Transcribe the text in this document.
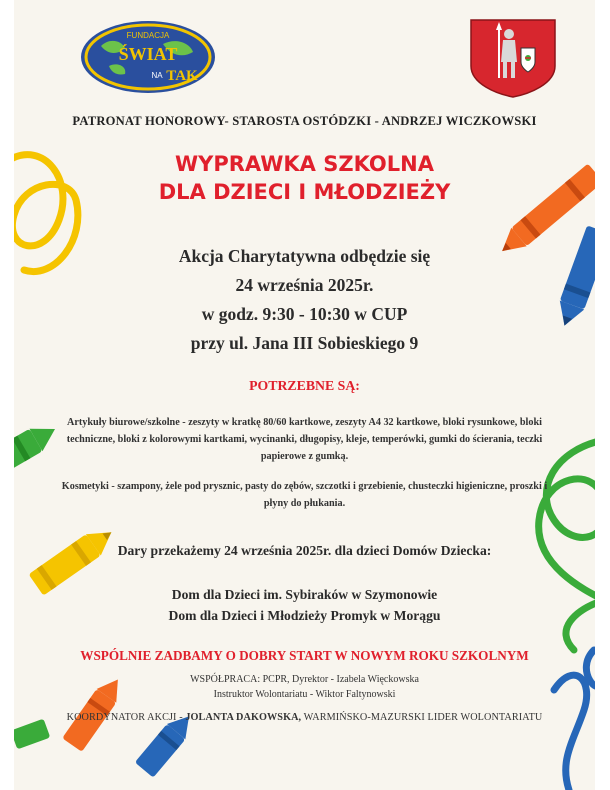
FUNDACJA
ŚWIAT
NA TAK
PATRONAT HONOROWY- STAROSTA OSTÓDZKI - ANDRZEJ WICZKOWSKI
WYPRAWKA SZKOLNA
DLA DZIECI I MŁODZIEŻY
Akcja Charytatywna odbędzie się
24 września 2025r.
w godz. 9:30 - 10:30 w CUP
przy ul. Jana III Sobieskiego 9
POTRZEBNE SĄ:
Artykuły biurowe/szkolne - zeszyty w kratkę 80/60 kartkowe, zeszyty A4 32 kartkowe, bloki rysunkowe, bloki techniczne, bloki z kolorowymi kartkami, wycinanki, długopisy, kleje, temperówki, gumki do ścierania, teczki papierowe z gumką.
Kosmetyki - szampony, żele pod prysznic, pasty do zębów, szczotki i grzebienie, chusteczki higieniczne, proszki i płyny do płukania.
Dary przekażemy 24 września 2025r. dla dzieci Domów Dziecka:
Dom dla Dzieci im. Sybiraków w Szymonowie
Dom dla Dzieci i Młodzieży Promyk w Morągu
WSPÓLNIE ZADBAMY O DOBRY START W NOWYM ROKU SZKOLNYM
WSPÓŁPRACA: PCPR, Dyrektor - Izabela Więckowska
Instruktor Wolontariatu - Wiktor Faltynowski
KOORDYNATOR AKCJI - JOLANTA DAKOWSKA, WARMIŃSKO-MAZURSKI LIDER WOLONTARIATU
